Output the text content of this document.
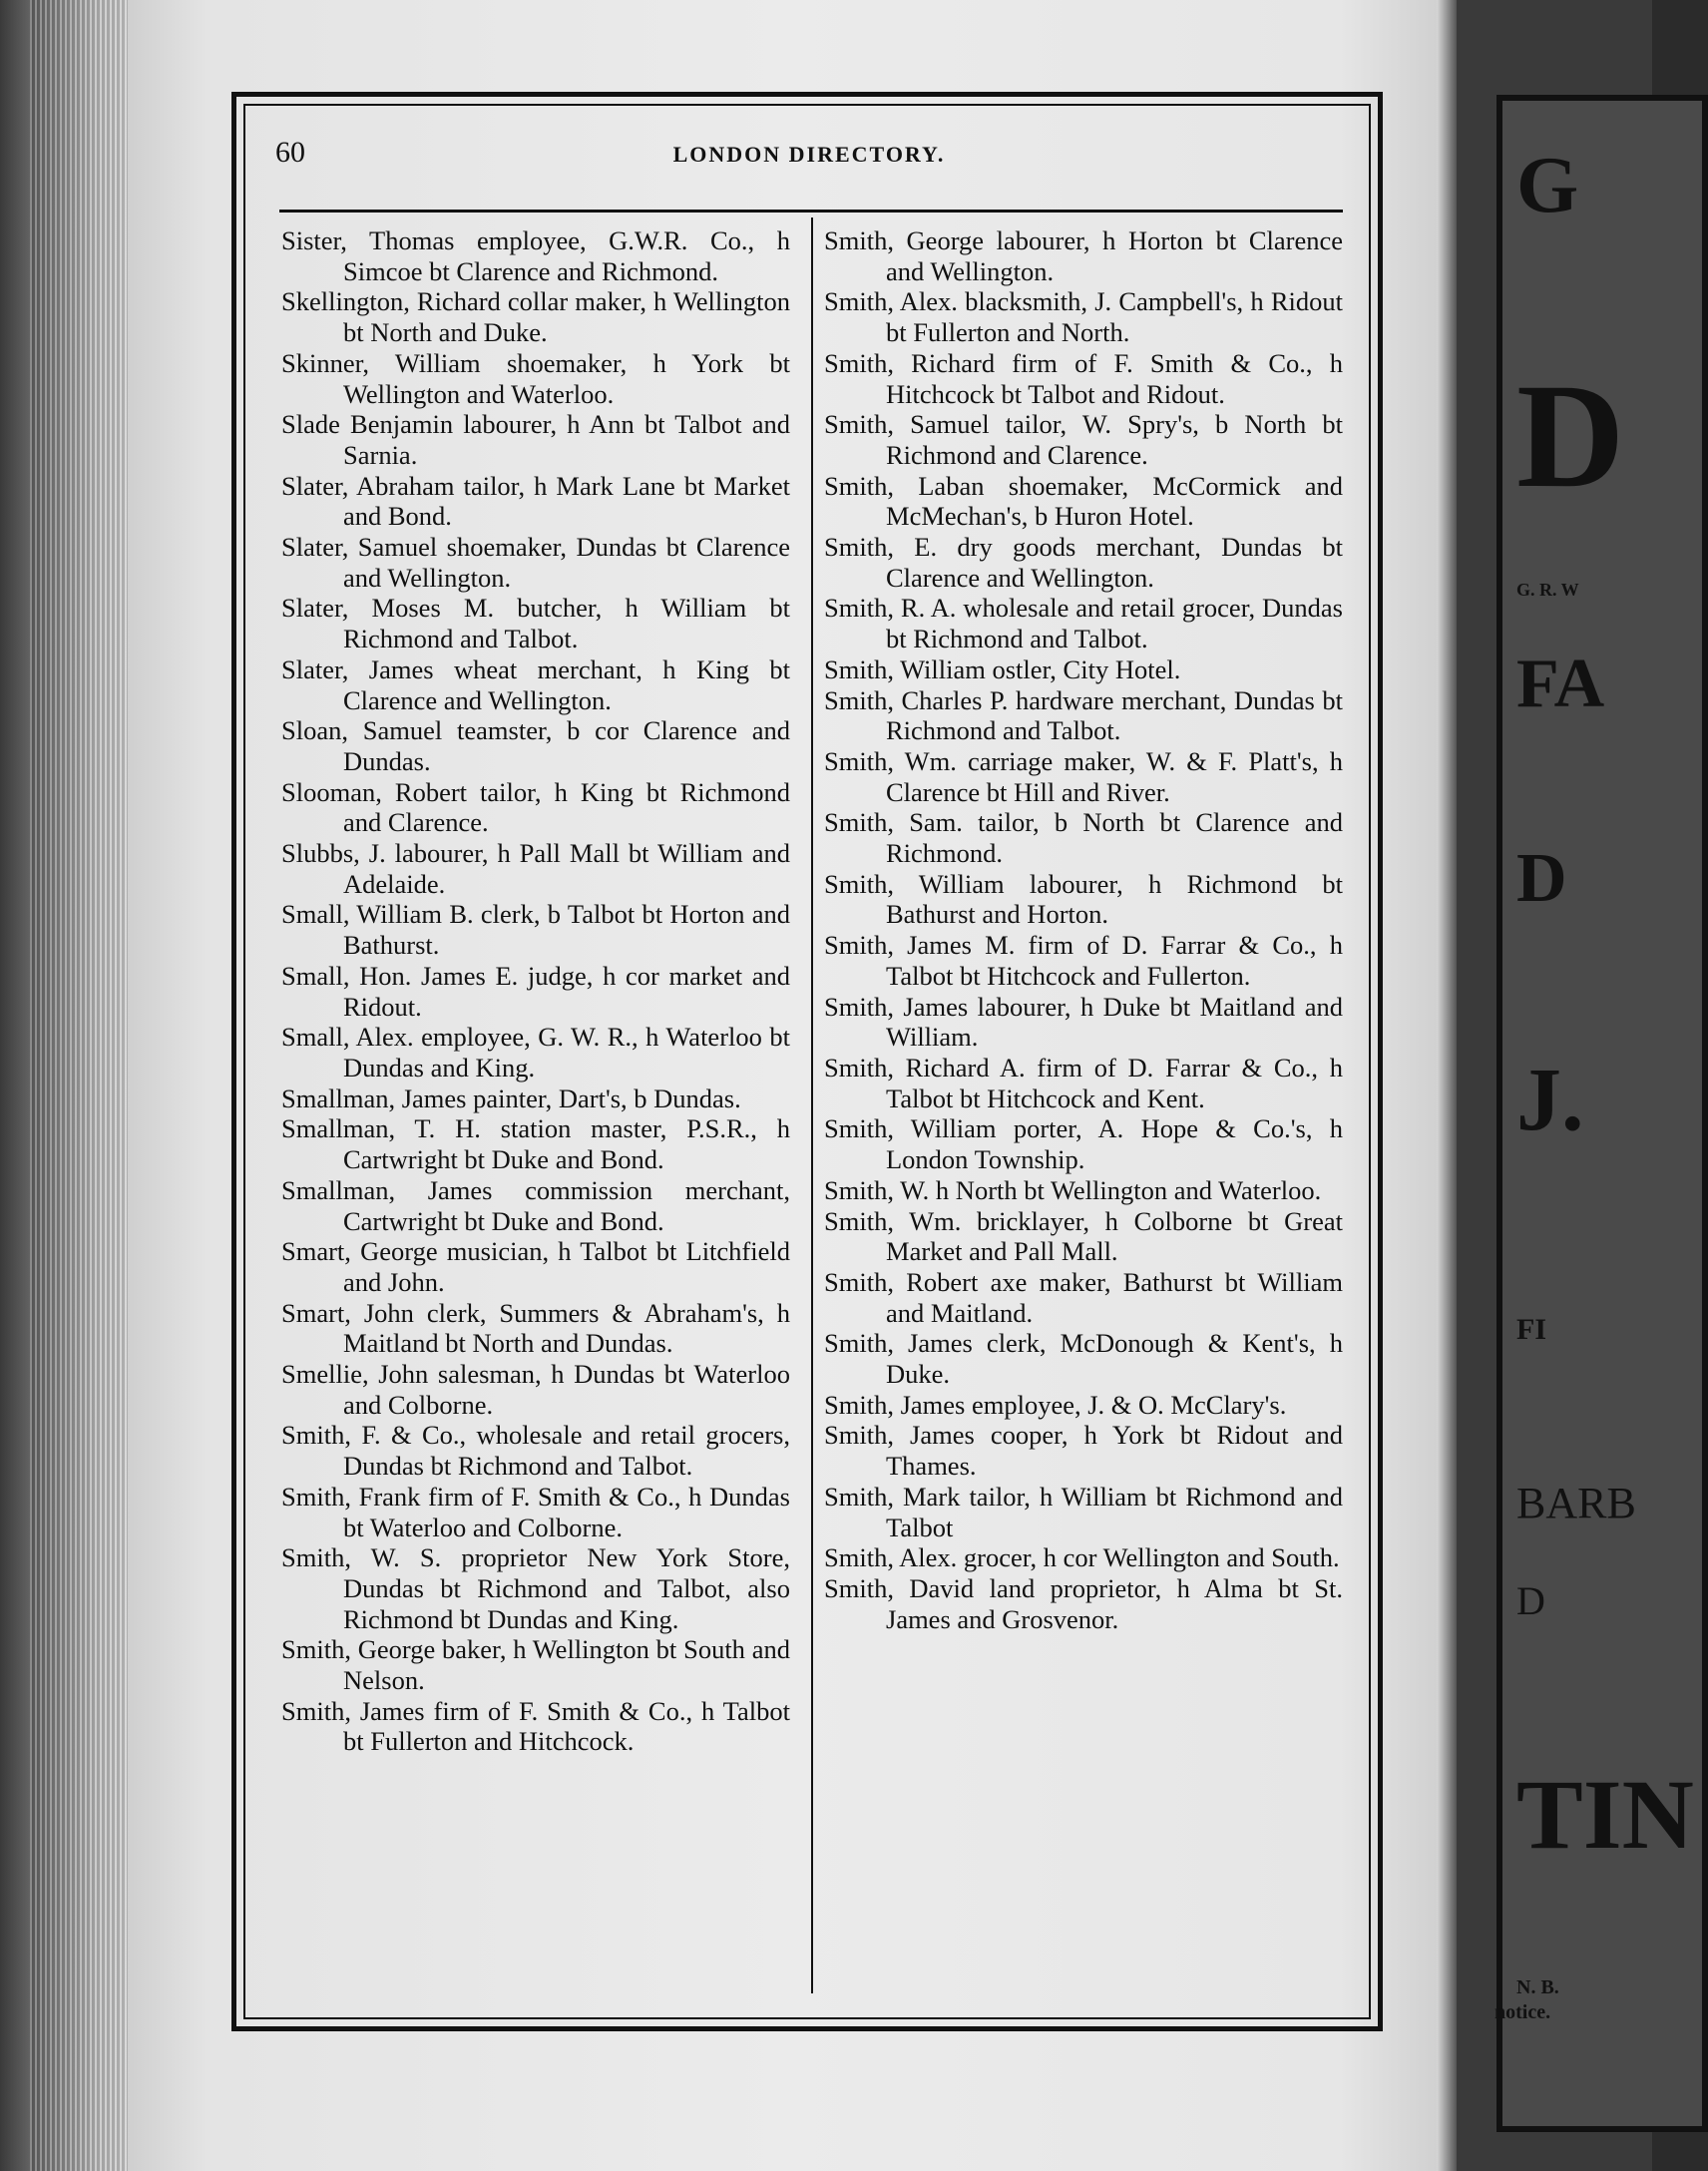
60	LONDON DIRECTORY.

Sister, Thomas employee, G.W.R. Co., h Simcoe bt Clarence and Richmond.

Skellington, Richard collar maker, h Wellington bt North and Duke.

Skinner, William shoemaker, h York bt Wellington and Waterloo.

Slade Benjamin labourer, h Ann bt Talbot and Sarnia.

Slater, Abraham tailor, h Mark Lane bt Market and Bond.

Slater, Samuel shoemaker, Dundas bt Clarence and Wellington.

Slater, Moses M. butcher, h William bt Richmond and Talbot.

Slater, James wheat merchant, h King bt Clarence and Wellington.

Sloan, Samuel teamster, b cor Clarence and Dundas.

Slooman, Robert tailor, h King bt Richmond and Clarence.

Slubbs, J. labourer, h Pall Mall bt William and Adelaide.

Small, William B. clerk, b Talbot bt Horton and Bathurst.

Small, Hon. James E. judge, h cor market and Ridout.

Small, Alex. employee, G. W. R., h Waterloo bt Dundas and King.

Smallman, James painter, Dart's, b Dundas.

Smallman, T. H. station master, P.S.R., h Cartwright bt Duke and Bond.

Smallman, James commission merchant, Cartwright bt Duke and Bond.

Smart, George musician, h Talbot bt Litchfield and John.

Smart, John clerk, Summers & Abraham's, h Maitland bt North and Dundas.

Smellie, John salesman, h Dundas bt Waterloo and Colborne.

Smith, F. & Co., wholesale and retail grocers, Dundas bt Richmond and Talbot.

Smith, Frank firm of F. Smith & Co., h Dundas bt Waterloo and Colborne.

Smith, W. S. proprietor New York Store, Dundas bt Richmond and Talbot, also Richmond bt Dundas and King.

Smith, George baker, h Wellington bt South and Nelson.

Smith, James firm of F. Smith & Co., h Talbot bt Fullerton and Hitchcock.

Smith, George labourer, h Horton bt Clarence and Wellington.

Smith, Alex. blacksmith, J. Campbell's, h Ridout bt Fullerton and North.

Smith, Richard firm of F. Smith & Co., h Hitchcock bt Talbot and Ridout.

Smith, Samuel tailor, W. Spry's, b North bt Richmond and Clarence.

Smith, Laban shoemaker, McCormick and McMechan's, b Huron Hotel.

Smith, E. dry goods merchant, Dundas bt Clarence and Wellington.

Smith, R. A. wholesale and retail grocer, Dundas bt Richmond and Talbot.

Smith, William ostler, City Hotel.

Smith, Charles P. hardware merchant, Dundas bt Richmond and Talbot.

Smith, Wm. carriage maker, W. & F. Platt's, h Clarence bt Hill and River.

Smith, Sam. tailor, b North bt Clarence and Richmond.

Smith, William labourer, h Richmond bt Bathurst and Horton.

Smith, James M. firm of D. Farrar & Co., h Talbot bt Hitchcock and Fullerton.

Smith, James labourer, h Duke bt Maitland and William.

Smith, Richard A. firm of D. Farrar & Co., h Talbot bt Hitchcock and Kent.

Smith, William porter, A. Hope & Co.'s, h London Township.

Smith, W. h North bt Wellington and Waterloo.

Smith, Wm. bricklayer, h Colborne bt Great Market and Pall Mall.

Smith, Robert axe maker, Bathurst bt William and Maitland.

Smith, James clerk, McDonough & Kent's, h Duke.

Smith, James employee, J. & O. McClary's.

Smith, James cooper, h York bt Ridout and Thames.

Smith, Mark tailor, h William bt Richmond and Talbot

Smith, Alex. grocer, h cor Wellington and South.

Smith, David land proprietor, h Alma bt St. James and Grosvenor.

G
D
G. R. W
FA
D
J.
FI
BARB
D
TIN
N. B.
notice.
